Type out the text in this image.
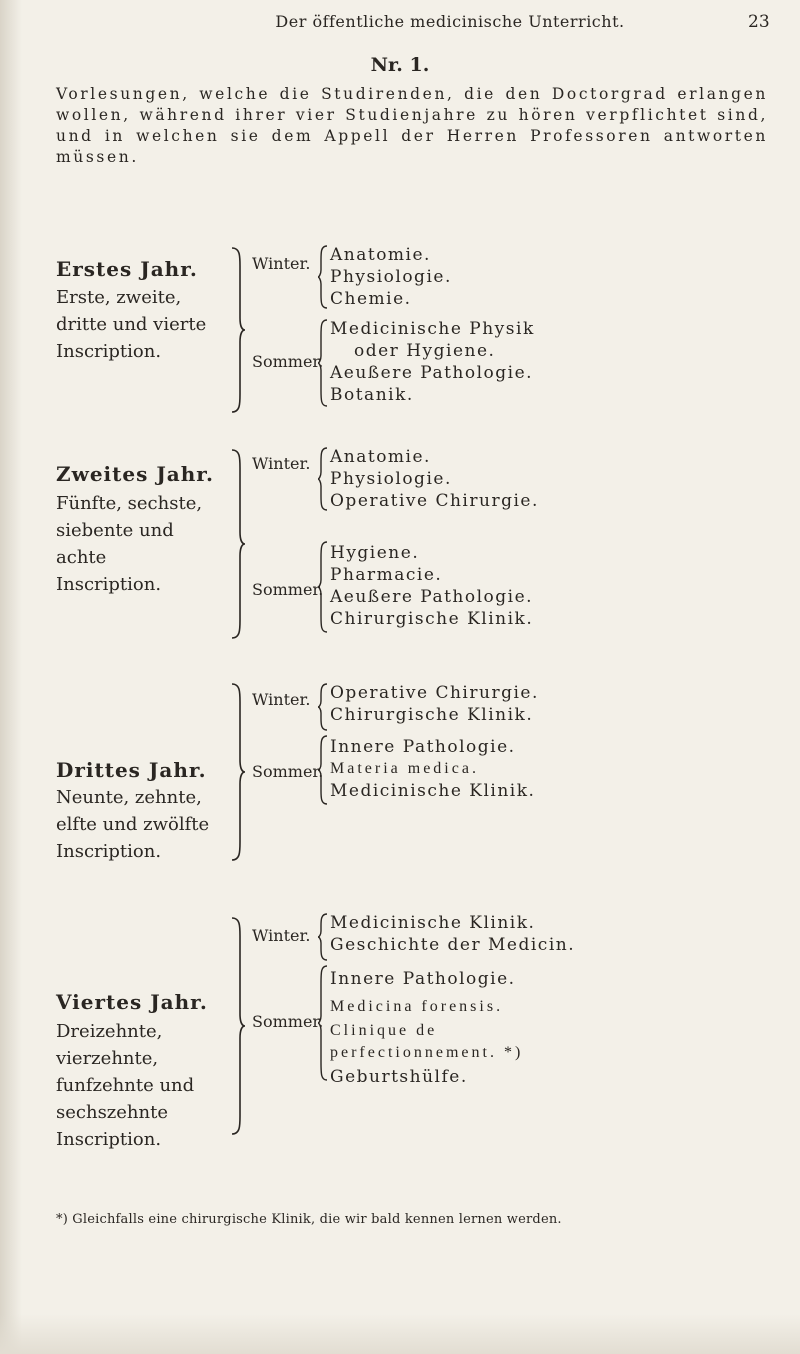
Der öffentliche medicinische Unterricht.	23
Nr. 1.
Vorlesungen, welche die Studirenden, die den Doctorgrad erlangen wollen, während ihrer vier Studienjahre zu hören verpflichtet sind, und in welchen sie dem Appell der Herren Professoren antworten müssen.
Erstes Jahr.
Erste, zweite, dritte und vierte Inscription.
Winter. Anatomie.
Physiologie.
Chemie.
Sommer.
Medicinische Physik
oder Hygiene.
Aeußere Pathologie.
Botanik.
Zweites Jahr.
Fünfte, sechste, siebente und achte Inscription.
Winter. Anatomie.
Physiologie.
Operative Chirurgie.
Sommer.
Hygiene.
Pharmacie.
Aeußere Pathologie.
Chirurgische Klinik.
Drittes Jahr.
Neunte, zehnte, elfte und zwölfte Inscription.
Winter. Operative Chirurgie.
Chirurgische Klinik.
Sommer.
Innere Pathologie.
Materia medica.
Medicinische Klinik.
Viertes Jahr.
Dreizehnte, vierzehnte, funfzehnte und sechszehnte Inscription.
Winter.
Medicinische Klinik.
Geschichte der Medicin.
Sommer.
Innere Pathologie.
Medicina forensis.
Clinique de perfectionnement. *)
Geburtshülfe.
*) Gleichfalls eine chirurgische Klinik, die wir bald kennen lernen werden.
